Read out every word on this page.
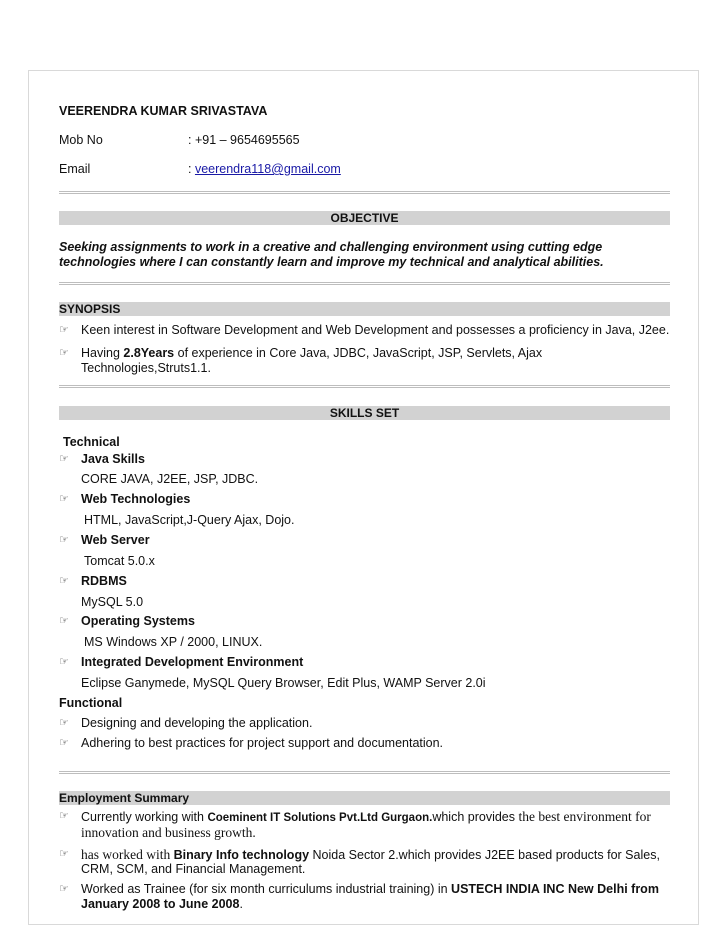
VEERENDRA KUMAR SRIVASTAVA
Mob No	: +91 – 9654695565
Email	: veerendra118@gmail.com
OBJECTIVE
Seeking assignments to work in a creative and challenging environment using cutting edge
technologies where I can constantly learn and improve my technical and analytical abilities.
SYNOPSIS
☞ Keen interest in Software Development and Web Development and possesses a proficiency in Java, J2ee.
☞ Having 2.8Years of experience in Core Java, JDBC, JavaScript, JSP, Servlets, Ajax Technologies,Struts1.1.
SKILLS SET
Technical
☞ Java Skills
CORE JAVA, J2EE, JSP, JDBC.
☞ Web Technologies
HTML, JavaScript,J-Query Ajax, Dojo.
☞ Web Server
Tomcat 5.0.x
☞ RDBMS
MySQL 5.0
☞ Operating Systems
MS Windows XP / 2000, LINUX.
☞ Integrated Development Environment
Eclipse Ganymede, MySQL Query Browser, Edit Plus, WAMP Server 2.0i
Functional
☞ Designing and developing the application.
☞ Adhering to best practices for project support and documentation.
Employment Summary
☞ Currently working with Coeminent IT Solutions Pvt.Ltd Gurgaon.which provides the best environment for
innovation and business growth.
☞ has worked with Binary Info technology Noida Sector 2.which provides J2EE based products for Sales,
CRM, SCM, and Financial Management.
☞ Worked as Trainee (for six month curriculums industrial training) in USTECH INDIA INC New Delhi from
January 2008 to June 2008.
